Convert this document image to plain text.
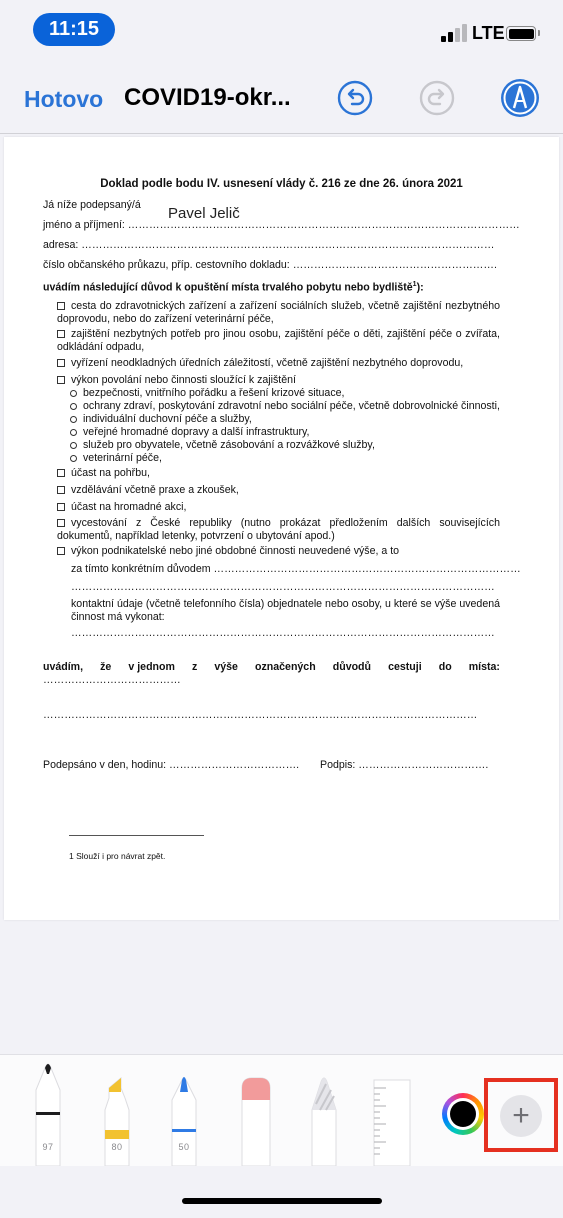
11:15	LTE
Hotovo COVID19-okr...
Doklad podle bodu IV. usnesení vlády č. 216 ze dne 26. února 2021
Já níže podepsaný/á
jméno a příjmení: …………………………………………………………………………………………………
Pavel Jelič
adresa: ………………………………………………………………………………………………………
číslo občanského průkazu, příp. cestovního dokladu: ………………………………………………….
uvádím následující důvod k opuštění místa trvalého pobytu nebo bydliště$^1$):
cesta do zdravotnických zařízení a zařízení sociálních služeb, včetně zajištění nezbytného doprovodu, nebo do zařízení veterinární péče,
zajištění nezbytných potřeb pro jinou osobu, zajištění péče o děti, zajištění péče o zvířata, odkládání odpadu,
vyřízení neodkladných úředních záležitostí, včetně zajištění nezbytného doprovodu,
výkon povolání nebo činnosti sloužící k zajištění
bezpečnosti, vnitřního pořádku a řešení krizové situace,
ochrany zdraví, poskytování zdravotní nebo sociální péče, včetně dobrovolnické činnosti,
individuální duchovní péče a služby,
veřejné hromadné dopravy a další infrastruktury,
služeb pro obyvatele, včetně zásobování a rozvážkové služby,
veterinární péče,
účast na pohřbu,
vzdělávání včetně praxe a zkoušek,
účast na hromadné akci,
vycestování z České republiky (nutno prokázat předložením dalších souvisejících dokumentů, například letenky, potvrzení o ubytování apod.)
výkon podnikatelské nebo jiné obdobné činnosti neuvedené výše, a to
za tímto konkrétním důvodem ……………………………………………………………………………
…………………………………………………………………………………………………………
kontaktní údaje (včetně telefonního čísla) objednatele nebo osoby, u které se výše uvedená činnost má vykonat:
…………………………………………………………………………………………………………
uvádím, že v jednom z výše označených důvodů cestuji do místa:
…………………………………
……………………………………………………………………………………………………………
Podepsáno v den, hodinu: ………………………………. Podpis: ……………………………….
1 Slouží i pro návrat zpět.
97	80	50
+
